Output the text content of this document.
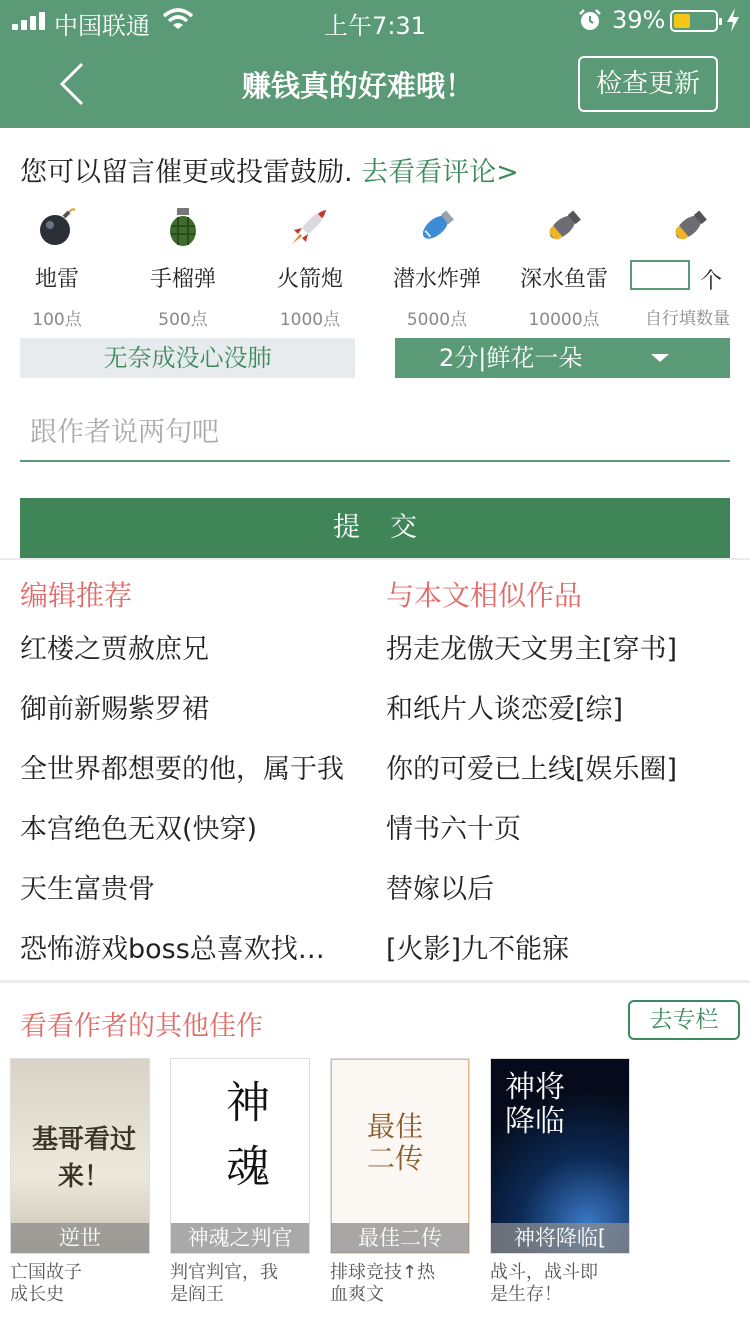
中国联通	上午7:31	39%
赚钱真的好难哦！	检查更新
您可以留言催更或投雷鼓励. 去看看评论>
地雷
100点
手榴弹
500点
火箭炮
1000点
潜水炸弹
5000点
深水鱼雷
10000点
个
自行填数量
无奈成没心没肺	2分|鲜花一朵
跟作者说两句吧
提交
编辑推荐	与本文相似作品
红楼之贾赦庶兄
御前新赐紫罗裙
全世界都想要的他，属于我
本宫绝色无双(快穿)
天生富贵骨
恐怖游戏boss总喜欢找…
拐走龙傲天文男主[穿书]
和纸片人谈恋爱[综]
你的可爱已上线[娱乐圈]
情书六十页
替嫁以后
[火影]九不能寐
看看作者的其他佳作	去专栏
基哥看过来！
逆世
亡国故子
成长史
神魂
神魂之判官
判官判官，我
是阎王
最佳二传
最佳二传
排球竞技↑热
血爽文
神将降临
神将降临[
战斗，战斗即
是生存！
